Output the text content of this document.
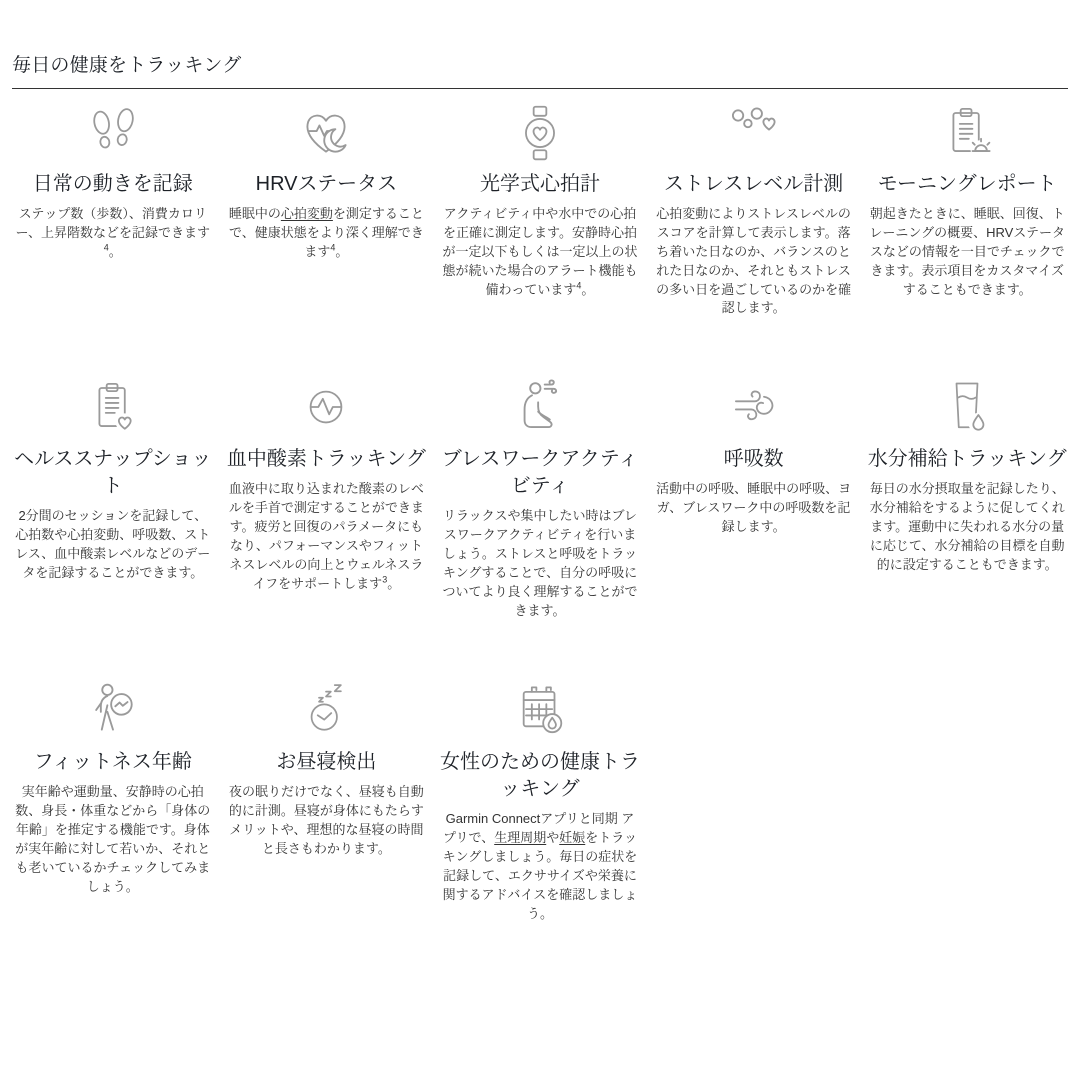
毎日の健康をトラッキング
日常の動きを記録
ステップ数（歩数）、消費カロリー、上昇階数などを記録できます$^4$。
HRVステータス
睡眠中の心拍変動を測定することで、健康状態をより深く理解できます$^4$。
光学式心拍計
アクティビティ中や水中での心拍を正確に測定します。安静時心拍が一定以下もしくは一定以上の状態が続いた場合のアラート機能も備わっています$^4$。
ストレスレベル計測
心拍変動によりストレスレベルのスコアを計算して表示します。落ち着いた日なのか、バランスのとれた日なのか、それともストレスの多い日を過ごしているのかを確認します。
モーニングレポート
朝起きたときに、睡眠、回復、トレーニングの概要、HRVステータスなどの情報を一目でチェックできます。表示項目をカスタマイズすることもできます。
ヘルススナップショット
2分間のセッションを記録して、心拍数や心拍変動、呼吸数、ストレス、血中酸素レベルなどのデータを記録することができます。
血中酸素トラッキング
血液中に取り込まれた酸素のレベルを手首で測定することができます。疲労と回復のパラメータにもなり、パフォーマンスやフィットネスレベルの向上とウェルネスライフをサポートします$^3$。
ブレスワークアクティビティ
リラックスや集中したい時はブレスワークアクティビティを行いましょう。ストレスと呼吸をトラッキングすることで、自分の呼吸についてより良く理解することができます。
呼吸数
活動中の呼吸、睡眠中の呼吸、ヨガ、ブレスワーク中の呼吸数を記録します。
水分補給トラッキング
毎日の水分摂取量を記録したり、水分補給をするように促してくれます。運動中に失われる水分の量に応じて、水分補給の目標を自動的に設定することもできます。
フィットネス年齢
実年齢や運動量、安静時の心拍数、身長・体重などから「身体の年齢」を推定する機能です。身体が実年齢に対して若いか、それとも老いているかチェックしてみましょう。
お昼寝検出
夜の眠りだけでなく、昼寝も自動的に計測。昼寝が身体にもたらすメリットや、理想的な昼寝の時間と長さもわかります。
女性のための健康トラッキング
Garmin Connectアプリと同期 アプリで、生理周期や妊娠をトラッキングしましょう。毎日の症状を記録して、エクササイズや栄養に関するアドバイスを確認しましょう。
